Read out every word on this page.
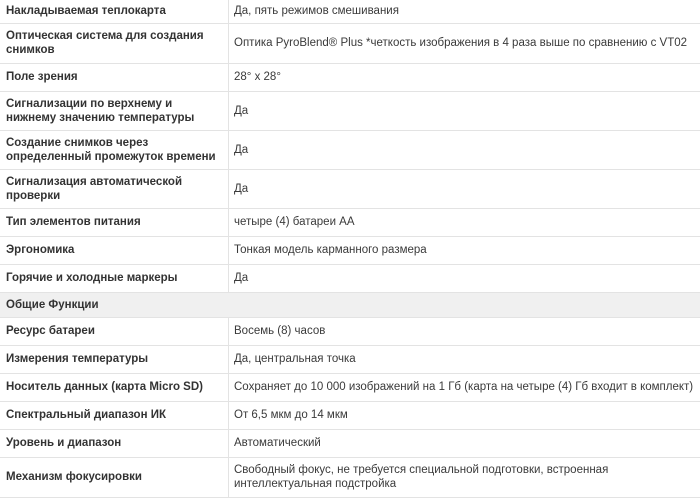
Накладываемая теплокарта	Да, пять режимов смешивания
Оптическая система для создания снимков	Оптика PyroBlend® Plus *четкость изображения в 4 раза выше по сравнению с VT02
Поле зрения	28° x 28°
Сигнализации по верхнему и нижнему значению температуры	Да
Создание снимков через определенный промежуток времени	Да
Сигнализация автоматической проверки	Да
Тип элементов питания	четыре (4) батареи AA
Эргономика	Тонкая модель карманного размера
Горячие и холодные маркеры	Да
Общие Функции	
Ресурс батареи	Восемь (8) часов
Измерения температуры	Да, центральная точка
Носитель данных (карта Micro SD)	Сохраняет до 10 000 изображений на 1 Гб (карта на четыре (4) Гб входит в комплект)
Спектральный диапазон ИК	От 6,5 мкм до 14 мкм
Уровень и диапазон	Автоматический
Механизм фокусировки	Свободный фокус, не требуется специальной подготовки, встроенная интеллектуальная подстройка
